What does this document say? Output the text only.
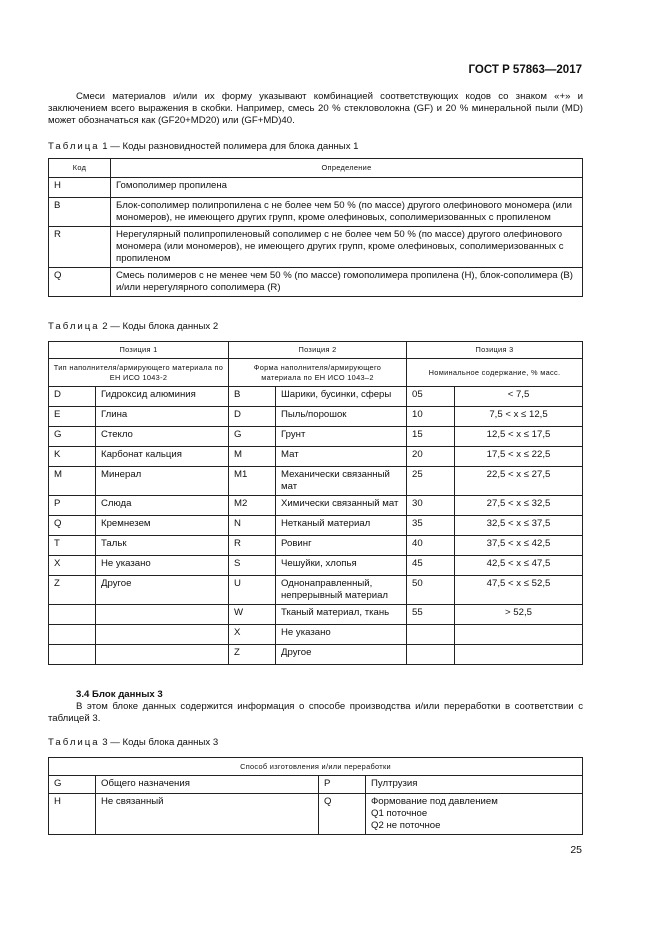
ГОСТ Р 57863—2017
Смеси материалов и/или их форму указывают комбинацией соответствующих кодов со знаком «+» и заключением всего выражения в скобки. Например, смесь 20 % стекловолокна (GF) и 20 % минеральной пыли (MD) может обозначаться как (GF20+MD20) или (GF+MD)40.
Таблица 1 — Коды разновидностей полимера для блока данных 1
Код	Определение
H	Гомополимер пропилена
B	Блок-сополимер полипропилена с не более чем 50 % (по массе) другого олефинового мономера (или мономеров), не имеющего других групп, кроме олефиновых, сополимеризованных с пропиленом
R	Нерегулярный полипропиленовый сополимер с не более чем 50 % (по массе) другого олефинового мономера (или мономеров), не имеющего других групп, кроме олефиновых, сополимеризованных с пропиленом
Q	Смесь полимеров с не менее чем 50 % (по массе) гомополимера пропилена (H), блок-сополимера (B) и/или нерегулярного сополимера (R)
Таблица 2 — Коды блока данных 2
Позиция 1		Позиция 2		Позиция 3	
Тип наполнителя/армирующего материала по ЕН ИСО 1043-2		Форма наполнителя/армирующего материала по ЕН ИСО 1043–2		Номинальное содержание, % масс.	
D	Гидроксид алюминия	B	Шарики, бусинки, сферы	05	< 7,5
E	Глина	D	Пыль/порошок	10	7,5 < x ≤ 12,5
G	Стекло	G	Грунт	15	12,5 < x ≤ 17,5
K	Карбонат кальция	M	Мат	20	17,5 < x ≤ 22,5
M	Минерал	M1	Механически связанный мат	25	22,5 < x ≤ 27,5
P	Слюда	M2	Химически связанный мат	30	27,5 < x ≤ 32,5
Q	Кремнезем	N	Нетканый материал	35	32,5 < x ≤ 37,5
T	Тальк	R	Ровинг	40	37,5 < x ≤ 42,5
X	Не указано	S	Чешуйки, хлопья	45	42,5 < x ≤ 47,5
Z	Другое	U	Однонаправленный, непрерывный материал	50	47,5 < x ≤ 52,5
		W	Тканый материал, ткань	55	> 52,5
		X	Не указано		
		Z	Другое		
3.4 Блок данных 3
В этом блоке данных содержится информация о способе производства и/или переработки в соответствии с таблицей 3.
Таблица 3 — Коды блока данных 3
Способ изготовления и/или переработки			
G	Общего назначения	P	Пултрузия
H	Не связанный	Q	Формование под давлением
Q1 поточное
Q2 не поточное
25
